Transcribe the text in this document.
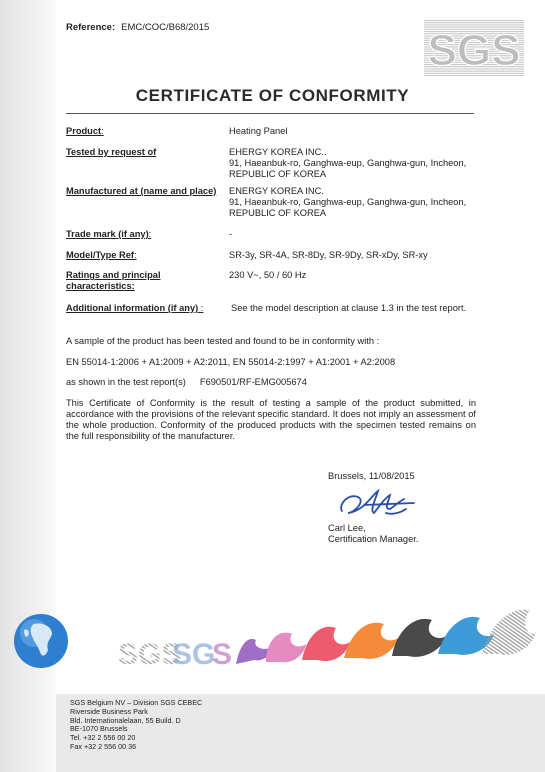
Reference: EMC/COC/B68/2015	SGS
CERTIFICATE OF CONFORMITY
Product:	Heating Panel
Tested by request of	EHERGY KOREA INC..
91, Haeanbuk-ro, Ganghwa-eup, Ganghwa-gun, Incheon,
REPUBLIC OF KOREA
Manufactured at (name and place)	ENERGY KOREA INC.
91, Haeanbuk-ro, Ganghwa-eup, Ganghwa-gun, Incheon,
REPUBLIC OF KOREA
Trade mark (if any):	-
Model/Type Ref:	SR-3y, SR-4A, SR-8Dy, SR-9Dy, SR-xDy, SR-xy
Ratings and principal characteristics:
230 V~, 50 / 60 Hz
Additional information (if any) :	See the model description at clause 1.3 in the test report.
A sample of the product has been tested and found to be in conformity with :
EN 55014-1:2006 + A1:2009 + A2:2011, EN 55014-2:1997 + A1:2001 + A2:2008
as shown in the test report(s) F690501/RF-EMG005674
This Certificate of Conformity is the result of testing a sample of the product submitted, in accordance with the provisions of the relevant specific standard. It does not imply an assessment of the whole production. Conformity of the produced products with the specimen tested remains on the full responsibility of the manufacturer.
Brussels, 11/08/2015
Carl Lee,
Certification Manager.
SGS
SG
S
SGS Belgium NV – Division SGS CEBEC
Riverside Business Park
Bld. Internationalelaan, 55 Build. D
BE-1070 Brussels
Tel. +32 2 556 00 20
Fax +32 2 556 00 36
